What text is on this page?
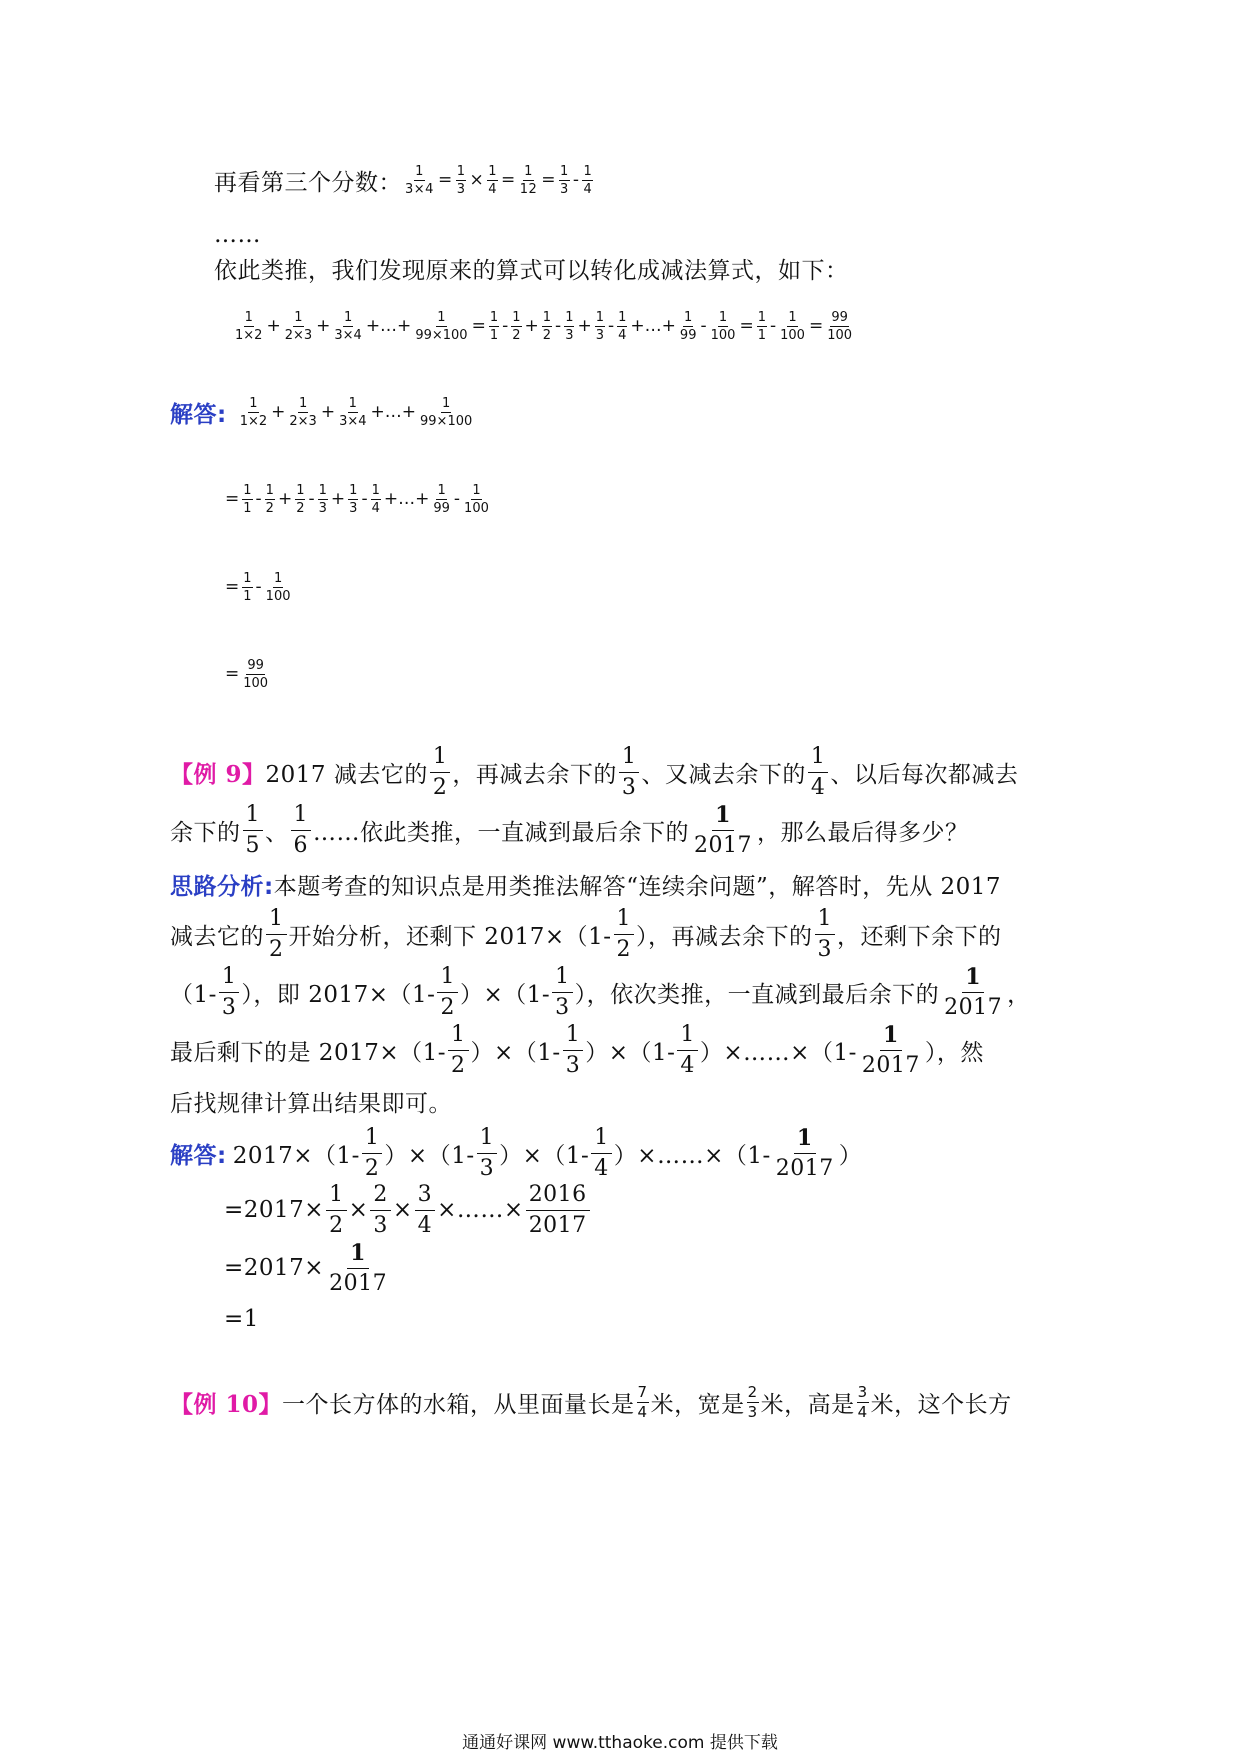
再看第三个分数： $\frac{1}{3\times 4} = \frac{1}{3} \times \frac{1}{4} = \frac{1}{12} = \frac{1}{3} - \frac{1}{4}$
……
依此类推，我们发现原来的算式可以转化成减法算式，如下：
$\frac{1}{1\times 2} + \frac{1}{2\times 3} + \frac{1}{3\times 4}$ +…+ $\frac{1}{99\times 100} = \frac{1}{1} - \frac{1}{2} + \frac{1}{2} - \frac{1}{3} + \frac{1}{3} - \frac{1}{4}$ +…+ $\frac{1}{99} - \frac{1}{100} = \frac{1}{1} - \frac{1}{100} = \frac{99}{100}$
解答: $\frac{1}{1\times 2} + \frac{1}{2\times 3} + \frac{1}{3\times 4}$ +…+ $\frac{1}{99\times 100}$
= $\frac{1}{1} - \frac{1}{2} + \frac{1}{2} - \frac{1}{3} + \frac{1}{3} - \frac{1}{4}$ +…+ $\frac{1}{99} - \frac{1}{100}$
= $\frac{1}{1} - \frac{1}{100}$
= $\frac{99}{100}$
【例 9】 2017 减去它的 $\frac{1}{2}$ ，再减去余下的 $\frac{1}{3}$ 、又减去余下的 $\frac{1}{4}$ 、以后每次都减去
余下的 $\frac{1}{5}$ 、 $\frac{1}{6}$ ……依此类推，一直减到最后余下的 $\frac{1}{2017}$ ，那么最后得多少？
思路分析: 本题考查的知识点是用类推法解答“连续余问题”，解答时，先从 2017
减去它的 $\frac{1}{2}$ 开始分析，还剩下 $2017\times(1- \frac{1}{2}$ ），再减去余下的 $\frac{1}{3}$ ，还剩下余下的
（$1- \frac{1}{3}$ ），即 $2017\times(1- \frac{1}{2} )\times(1- \frac{1}{3}$ ），依次类推，一直减到最后余下的 $\frac{1}{2017}$ ，
最后剩下的是 $2017\times(1- \frac{1}{2} )\times(1- \frac{1}{3} )\times(1- \frac{1}{4}$ ）×……×（1- $\frac{1}{2017}$ ），然
后找规律计算出结果即可。
解答: $2017\times(1- \frac{1}{2} )\times(1- \frac{1}{3} )\times(1- \frac{1}{4}$ ）×……×（1- $\frac{1}{2017}$ ）
$=2017\times \frac{1}{2} \times \frac{2}{3} \times \frac{3}{4}$ ×……× $\frac{2016}{2017}$
$=2017\times \frac{1}{2017}$
=1
【例 10】 一个长方体的水箱，从里面量长是 $\frac{7}{4}$ 米，宽是 $\frac{2}{3}$ 米，高是 $\frac{3}{4}$ 米，这个长方
通通好课网 www.tthaoke.com 提供下载
